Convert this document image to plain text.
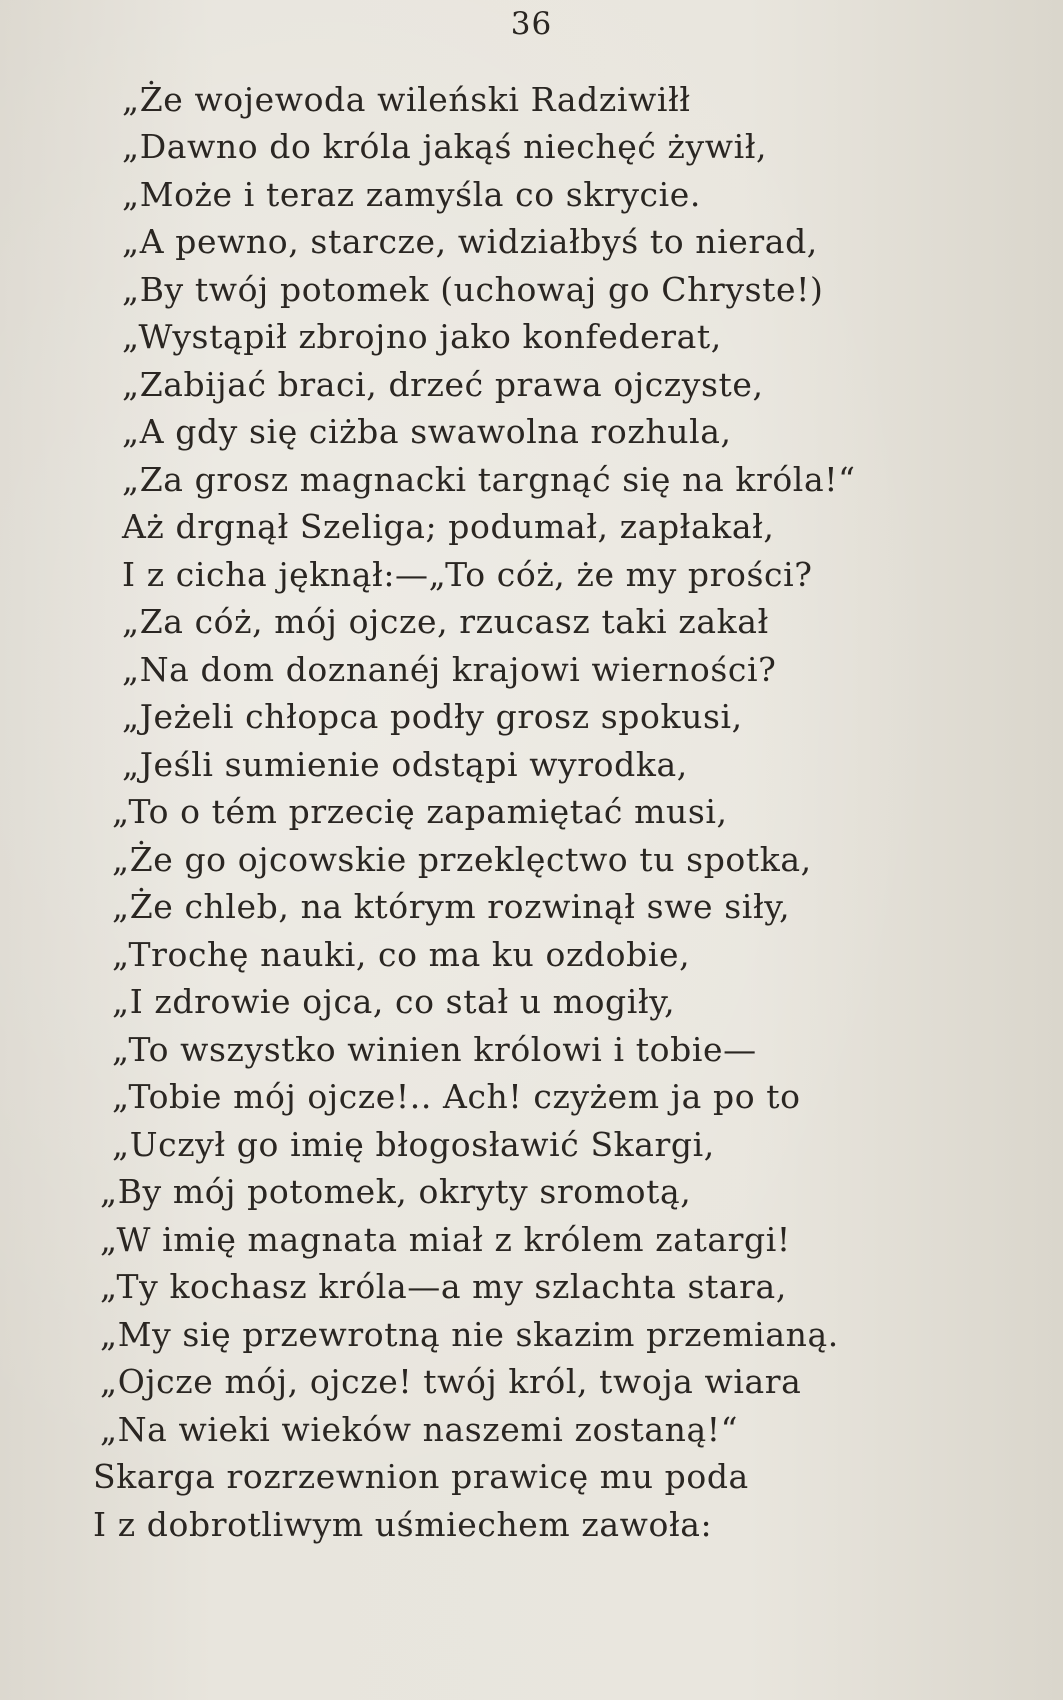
36
„Że wojewoda wileński Radziwiłł
„Dawno do króla jakąś niechęć żywił,
„Może i teraz zamyśla co skrycie.
„A pewno, starcze, widziałbyś to nierad,
„By twój potomek (uchowaj go Chryste!)
„Wystąpił zbrojno jako konfederat,
„Zabijać braci, drzeć prawa ojczyste,
„A gdy się ciżba swawolna rozhula,
„Za grosz magnacki targnąć się na króla!“
Aż drgnął Szeliga; podumał, zapłakał,
I z cicha jęknął:—„To cóż, że my prości?
„Za cóż, mój ojcze, rzucasz taki zakał
„Na dom doznanéj krajowi wierności?
„Jeżeli chłopca podły grosz spokusi,
„Jeśli sumienie odstąpi wyrodka,
„To o tém przecię zapamiętać musi,
„Że go ojcowskie przeklęctwo tu spotka,
„Że chleb, na którym rozwinął swe siły,
„Trochę nauki, co ma ku ozdobie,
„I zdrowie ojca, co stał u mogiły,
„To wszystko winien królowi i tobie—
„Tobie mój ojcze!.. Ach! czyżem ja po to
„Uczył go imię błogosławić Skargi,
„By mój potomek, okryty sromotą,
„W imię magnata miał z królem zatargi!
„Ty kochasz króla—a my szlachta stara,
„My się przewrotną nie skazim przemianą.
„Ojcze mój, ojcze! twój król, twoja wiara
„Na wieki wieków naszemi zostaną!“
Skarga rozrzewnion prawicę mu poda
I z dobrotliwym uśmiechem zawoła:
